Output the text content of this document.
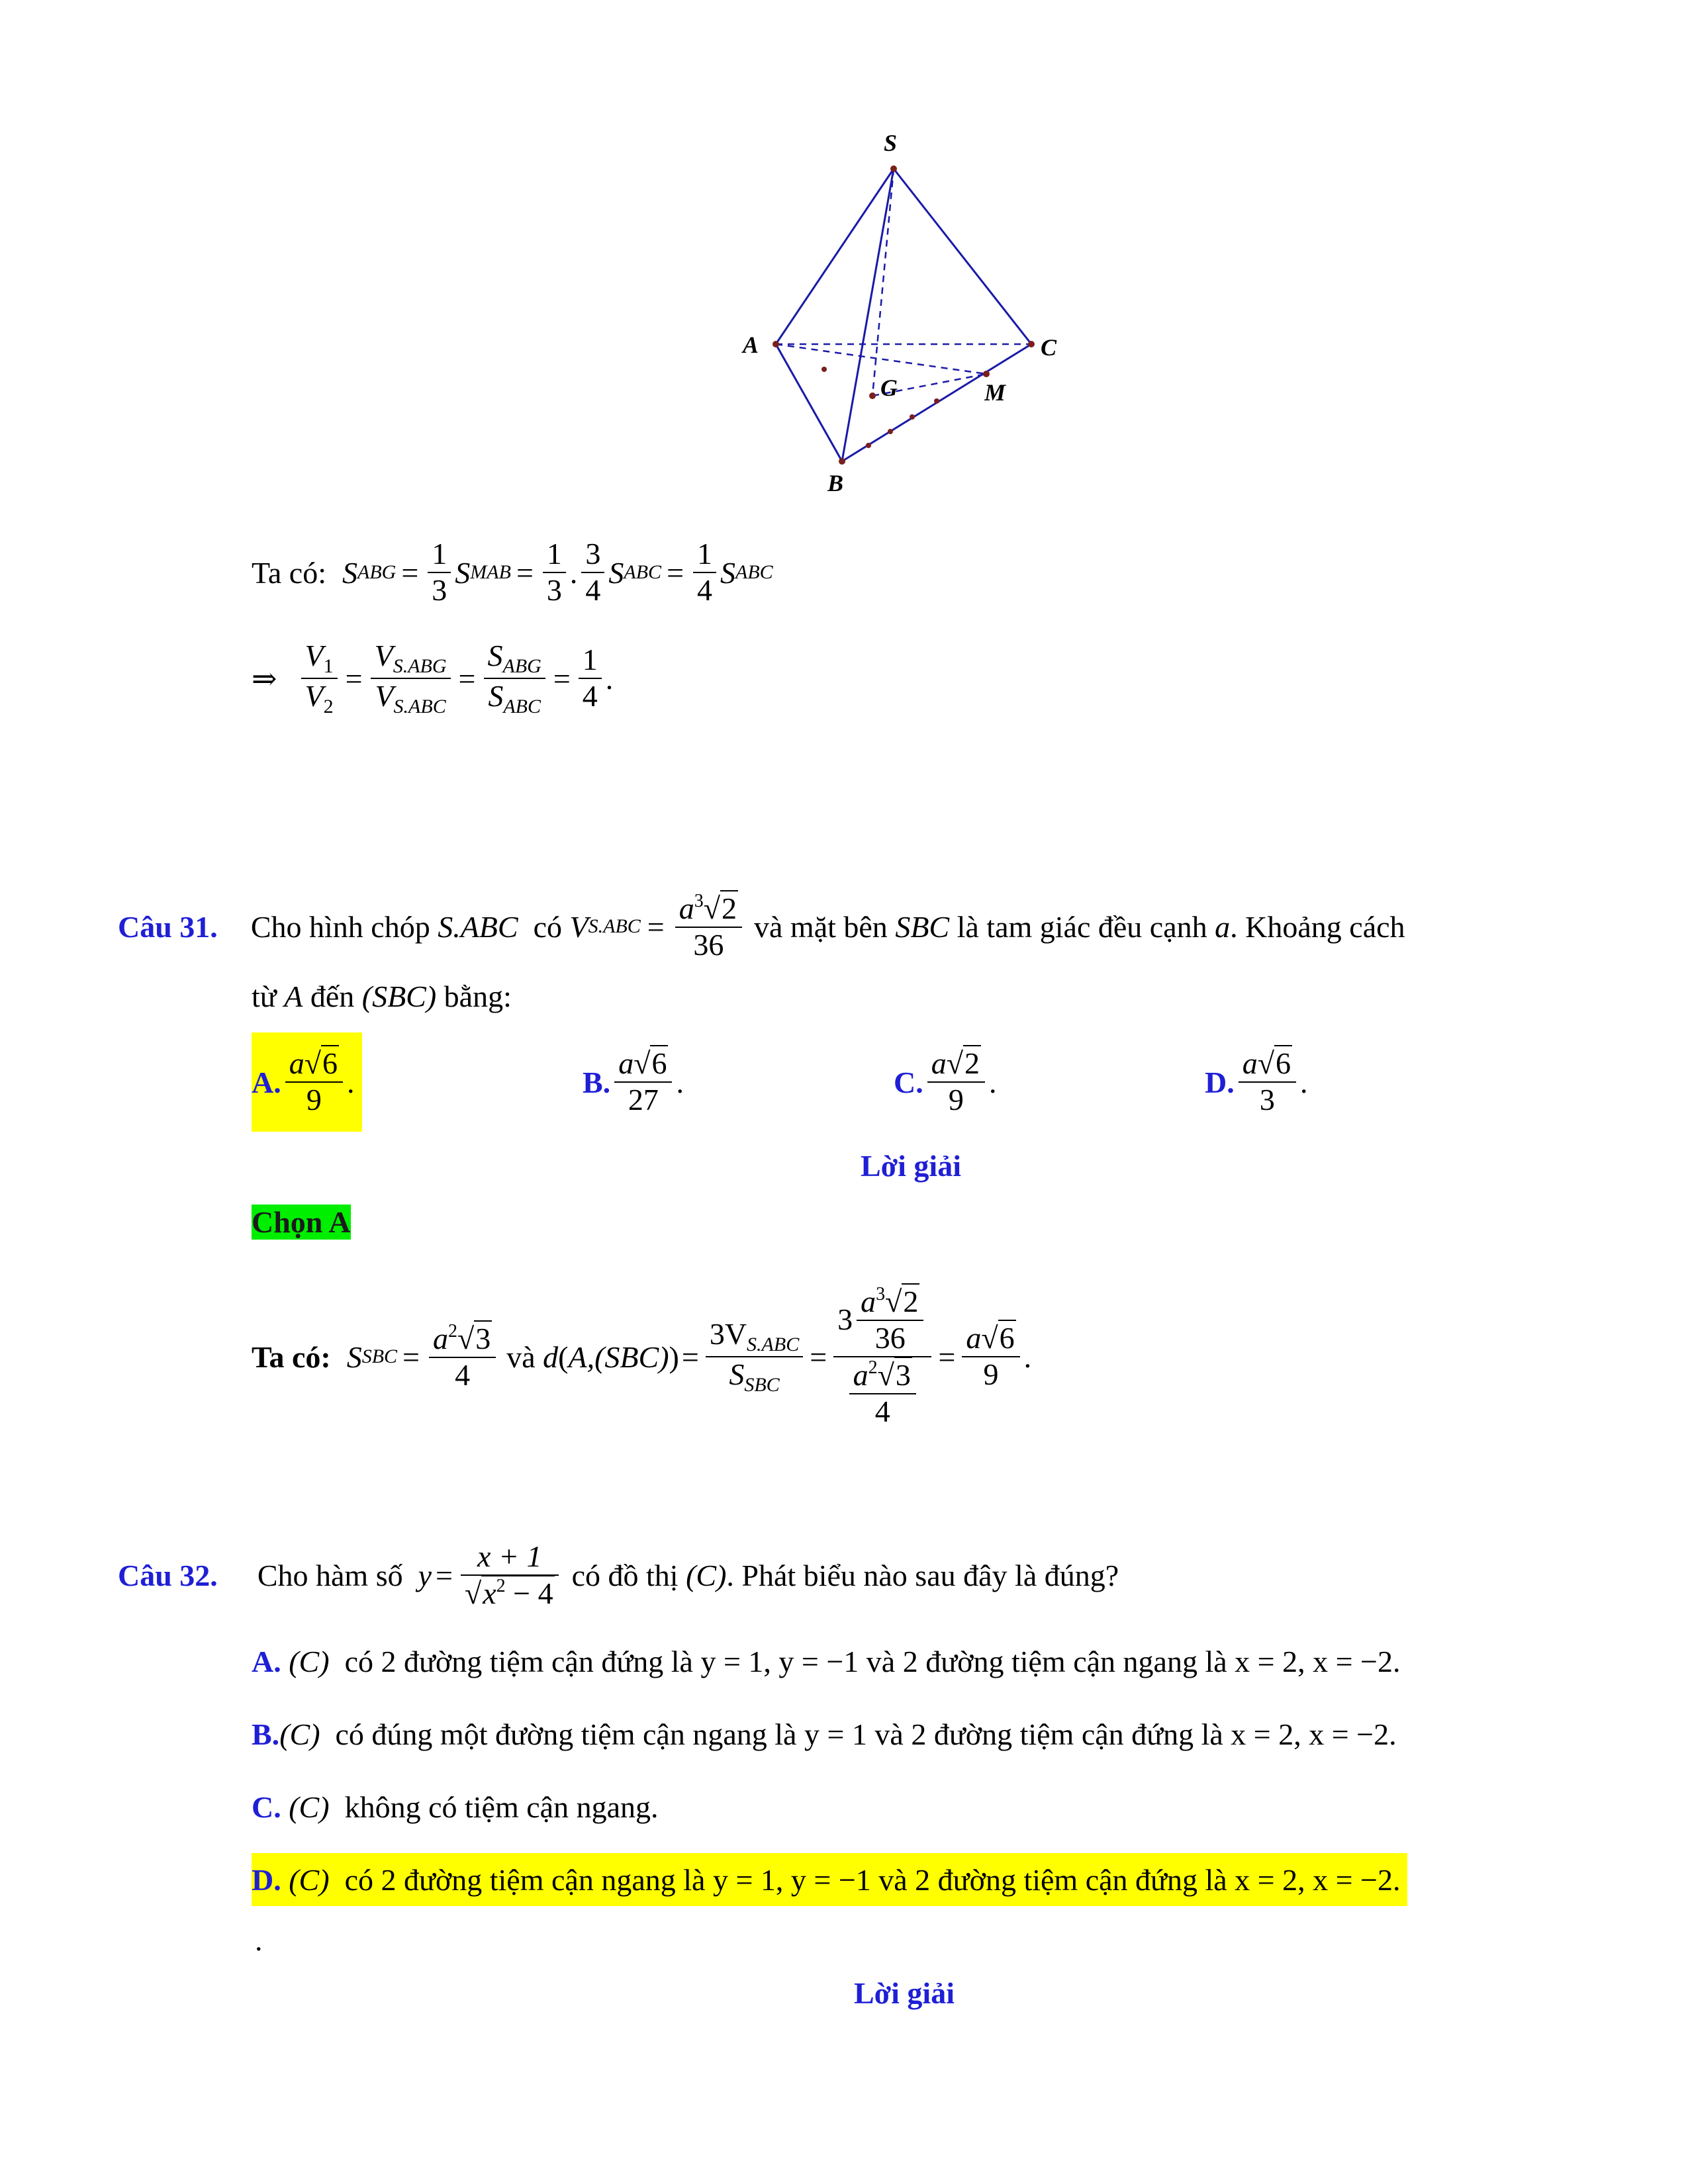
S
A	C
G	M
B
Ta có: S ABG = $\frac{1}{3}$ S MAB = $\frac{1}{3}$ .
3
4
S ABC = $\frac{1}{4}$ S ABC
⇒ $\frac{V_1}{V_2}$ =
$V_{S.ABG}$
$V_{S.ABC}$
=
$S_{ABG}$
$S_{ABC}$
= $\frac{1}{4}$ .
Câu 31. Cho hình chóp
S.ABC
có
V $S.ABC = \frac{a^3√2}{36}$ và mặt bên
SBC
là tam giác đều cạnh
a . Khoảng cách
từ
A
đến
(SBC)
bằng:
A.
a√6
9
.	B.
a√6
27
.	C.
a√2
9
.	D.
a√6
3
.
Lời giải
Chọn A
Ta có: S SBC = $\frac{a^2√3}{4}$ và
d ( A, (SBC) ) =
$3V_{S.ABC}$
$S_{SBC}$
= 3
$a^3√2$
36
$\frac{a^2√3}{4} = \frac{a√6}{9}$ .
Câu 32. Cho hàm số
$y = \frac{x + 1}{√x^2 - 4}$ có đồ thị
(C) . Phát biểu nào sau đây là đúng?
A.
(C)
có 2 đường tiệm cận đứng là y = 1, y = −1 và 2 đường tiệm cận ngang là x = 2, x = −2.
B. (C)
có đúng một đường tiệm cận ngang là y = 1 và 2 đường tiệm cận đứng là x = 2, x = −2.
C.
(C)
không có tiệm cận ngang.
D.
(C)
có 2 đường tiệm cận ngang là y = 1, y = −1 và 2 đường tiệm cận đứng là x = 2, x = −2.
.
Lời giải
